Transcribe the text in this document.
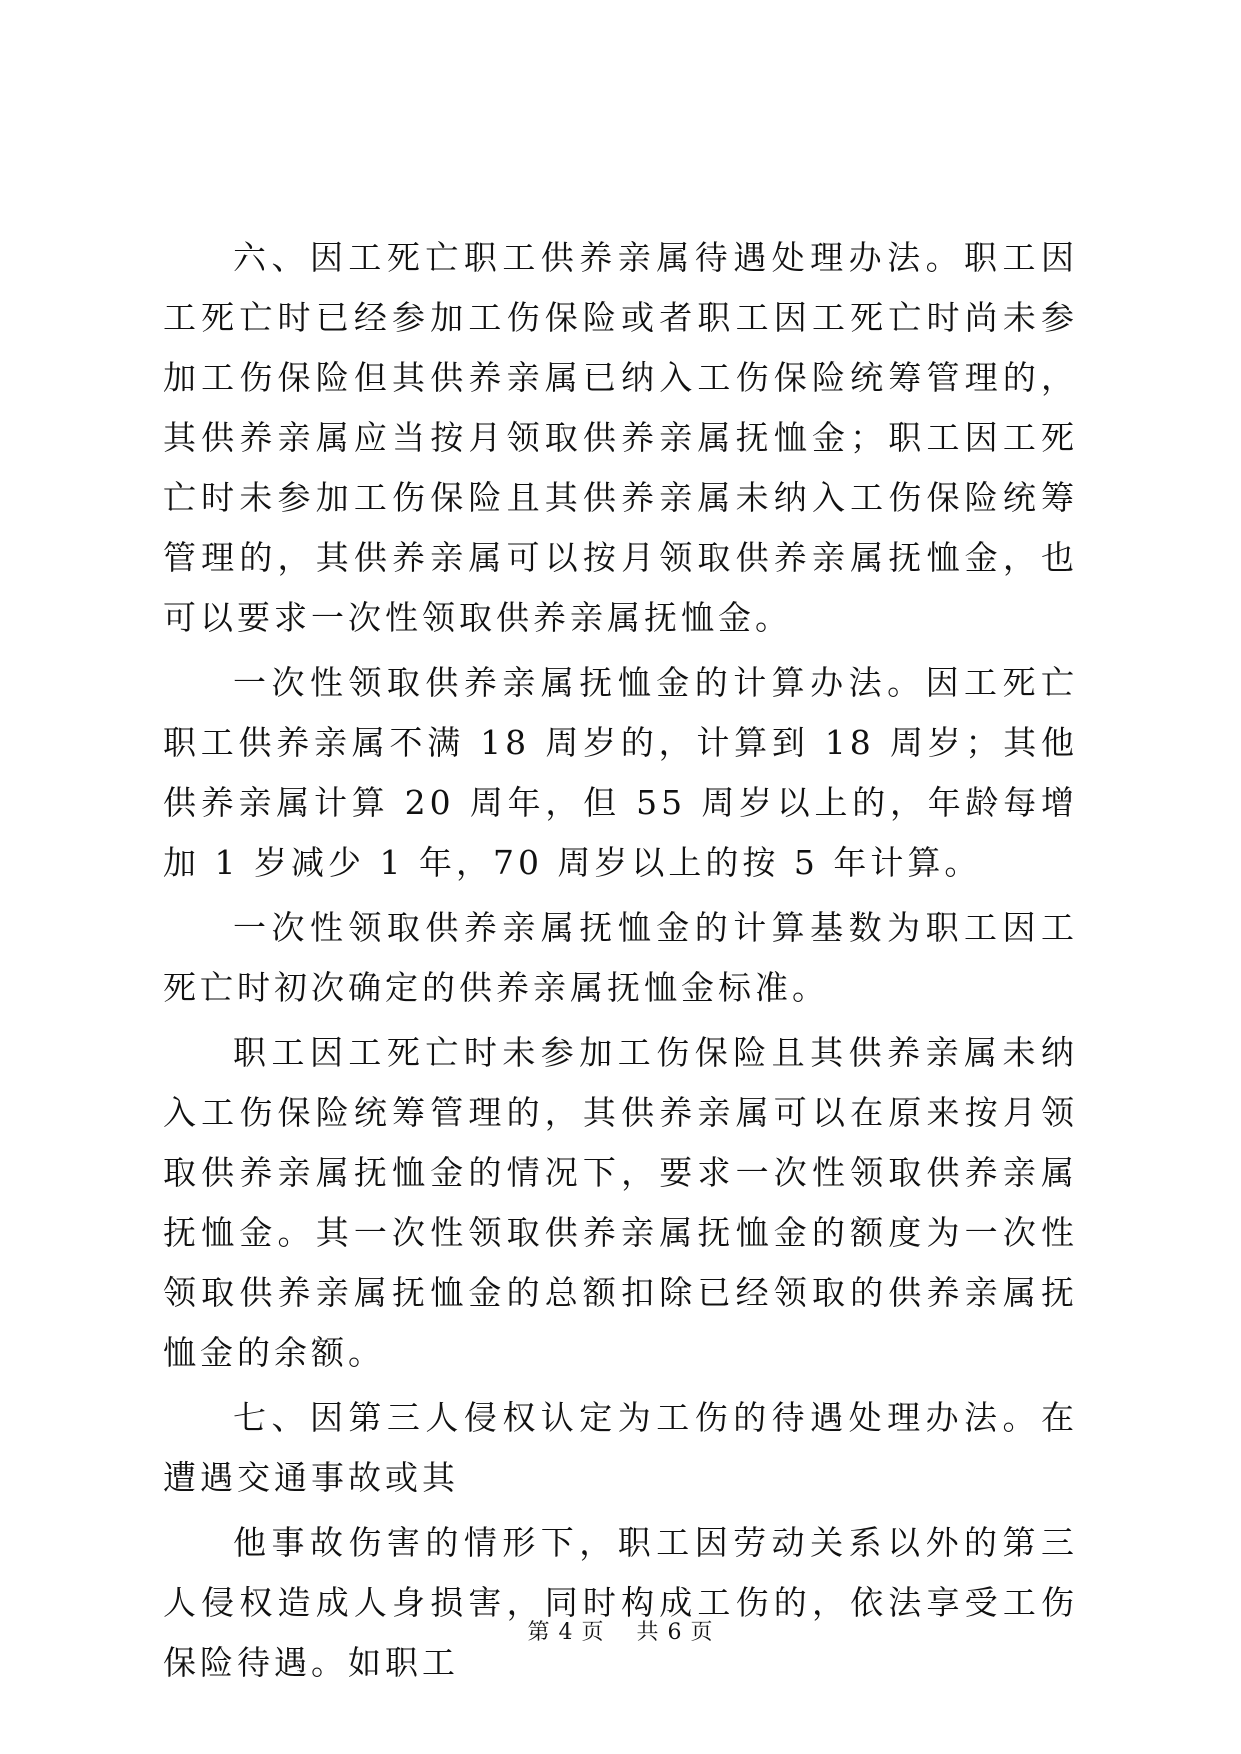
六、因工死亡职工供养亲属待遇处理办法。职工因工死亡时已经参加工伤保险或者职工因工死亡时尚未参加工伤保险但其供养亲属已纳入工伤保险统筹管理的，其供养亲属应当按月领取供养亲属抚恤金；职工因工死亡时未参加工伤保险且其供养亲属未纳入工伤保险统筹管理的，其供养亲属可以按月领取供养亲属抚恤金，也可以要求一次性领取供养亲属抚恤金。

一次性领取供养亲属抚恤金的计算办法。因工死亡职工供养亲属不满 18 周岁的，计算到 18 周岁；其他供养亲属计算 20 周年，但 55 周岁以上的，年龄每增加 1 岁减少 1 年，70 周岁以上的按 5 年计算。

一次性领取供养亲属抚恤金的计算基数为职工因工死亡时初次确定的供养亲属抚恤金标准。

职工因工死亡时未参加工伤保险且其供养亲属未纳入工伤保险统筹管理的，其供养亲属可以在原来按月领取供养亲属抚恤金的情况下，要求一次性领取供养亲属抚恤金。其一次性领取供养亲属抚恤金的额度为一次性领取供养亲属抚恤金的总额扣除已经领取的供养亲属抚恤金的余额。

七、因第三人侵权认定为工伤的待遇处理办法。在遭遇交通事故或其

他事故伤害的情形下，职工因劳动关系以外的第三人侵权造成人身损害，同时构成工伤的，依法享受工伤保险待遇。如职工

第 4 页 共 6 页
